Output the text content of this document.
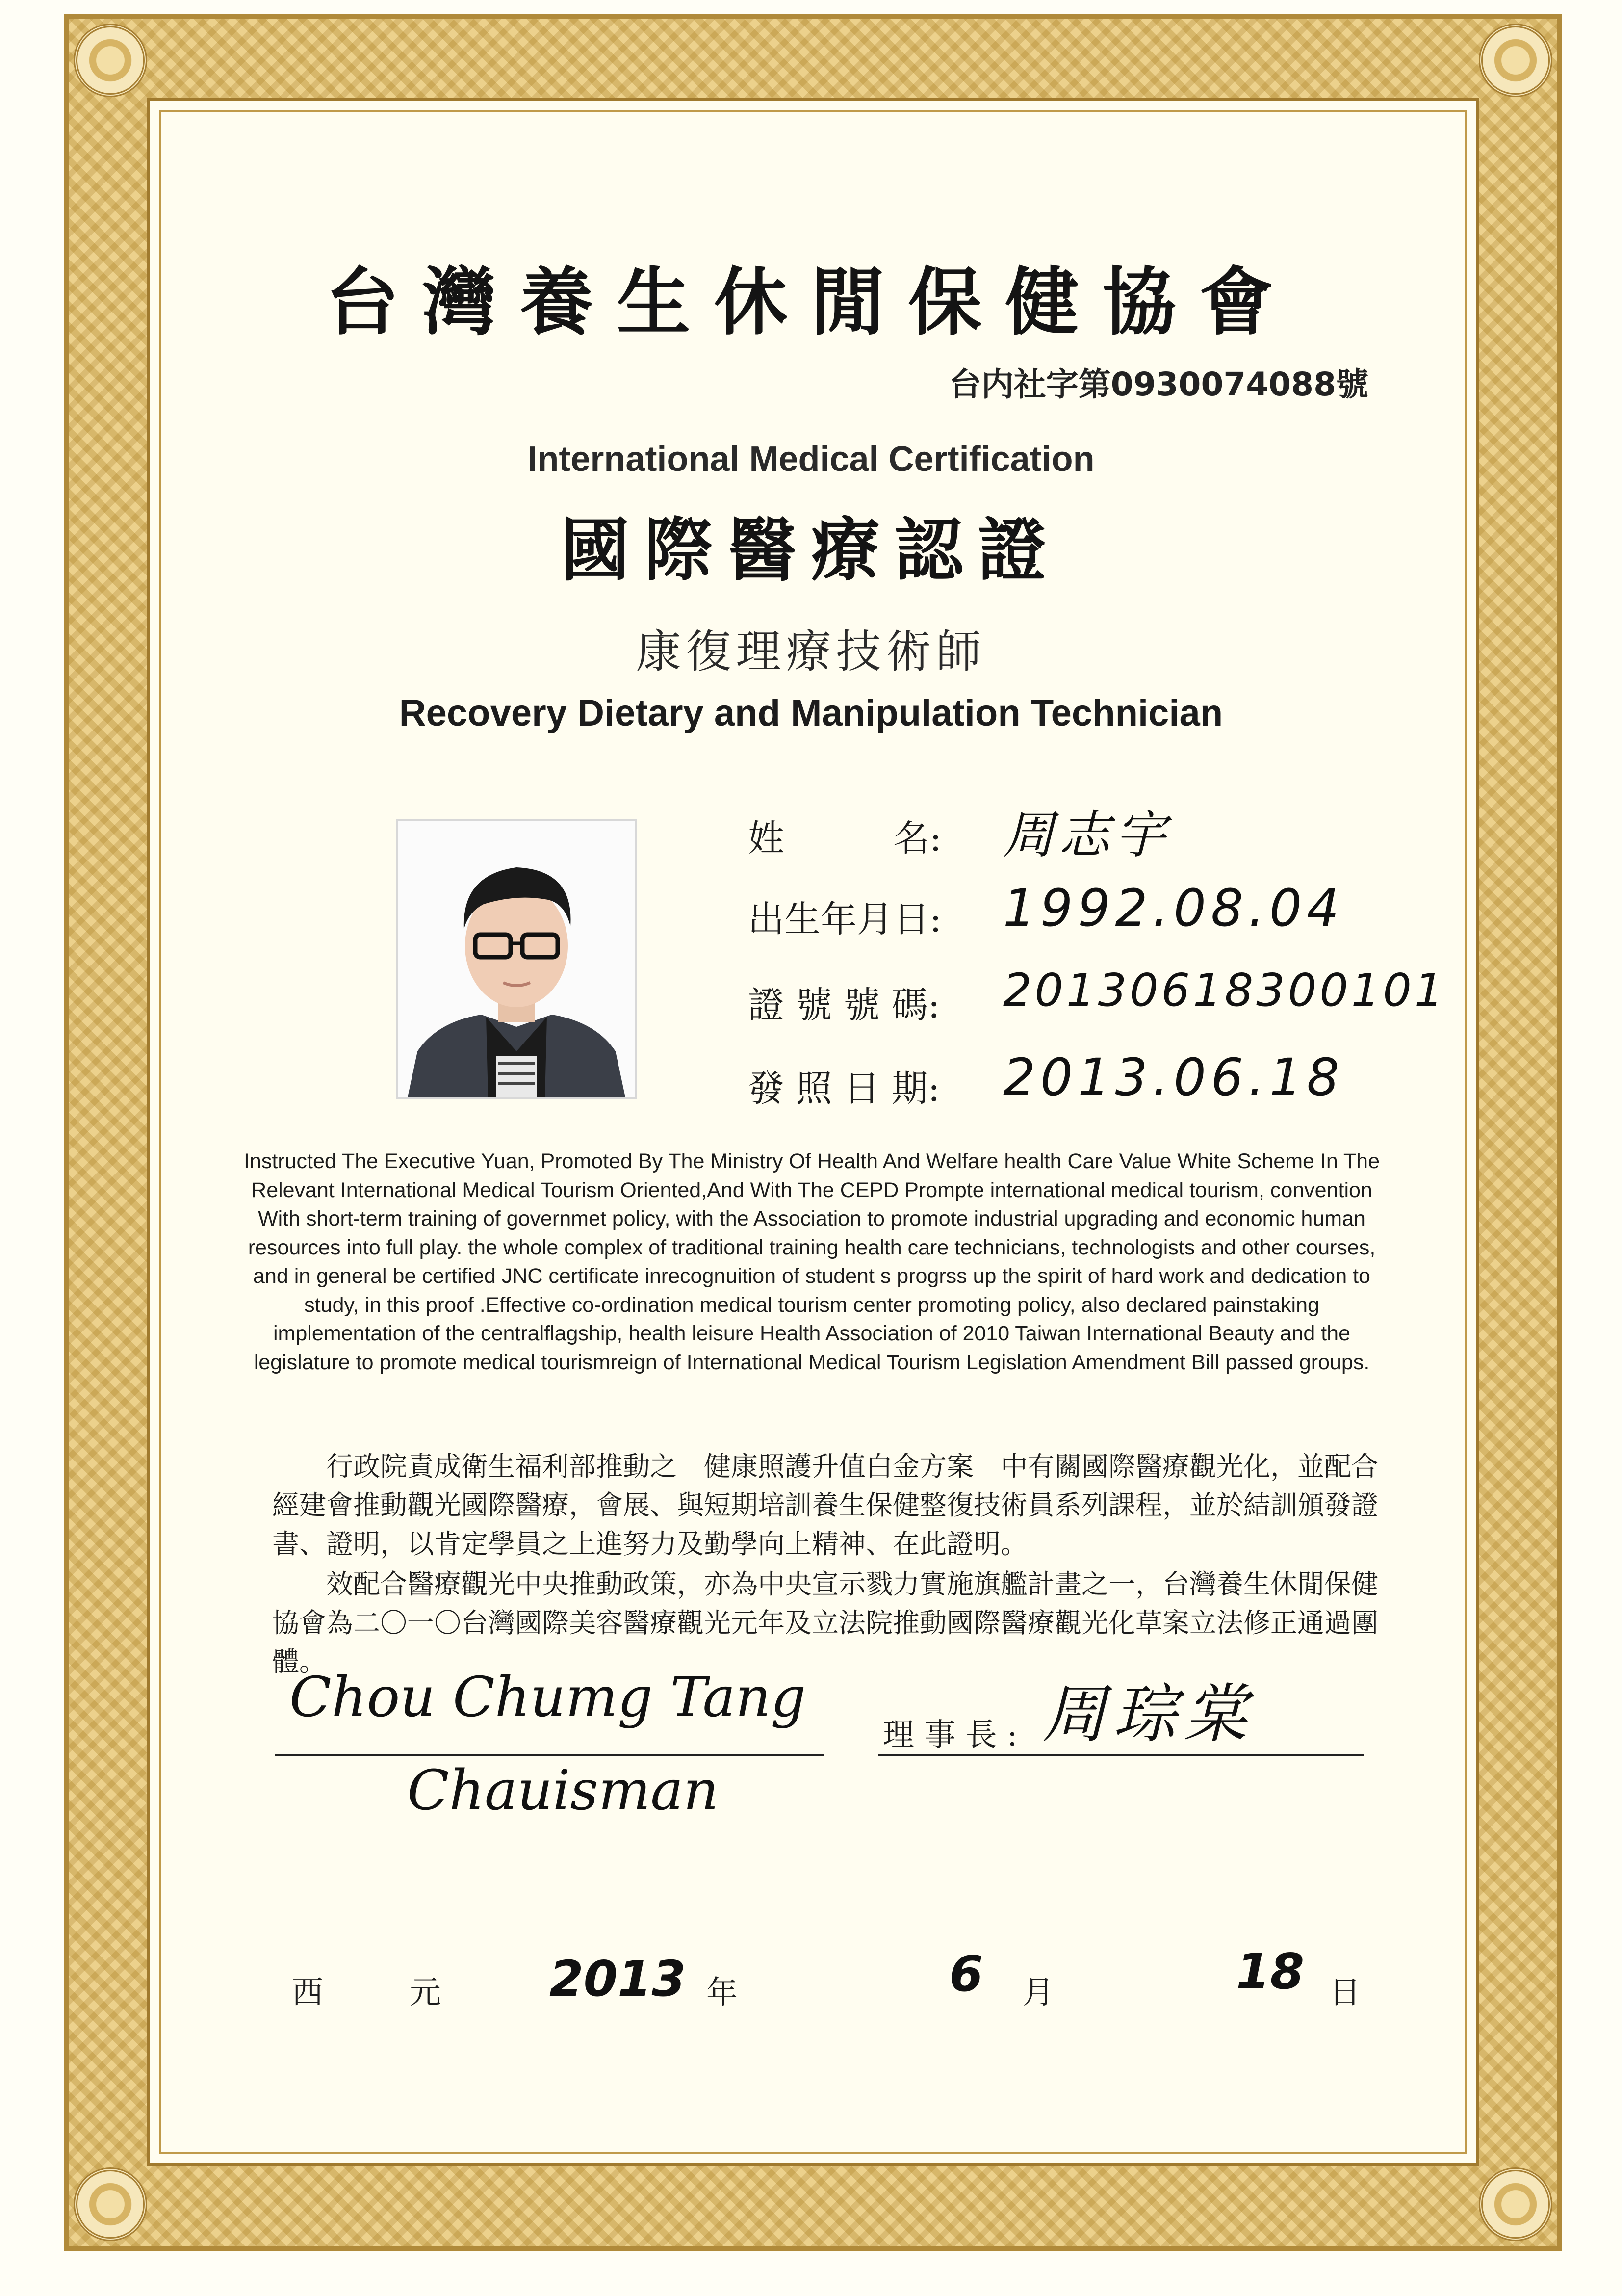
台灣養生休閒保健協會

台内社字第0930074088號

International Medical Certification

國際醫療認證

康復理療技術師

Recovery Dietary and Manipulation Technician

姓　　　名: 周志宇

出生年月日: 1992.08.04

證 號 號 碼: 20130618300101

發 照 日 期: 2013.06.18

Instructed The Executive Yuan, Promoted By The Ministry Of Health And Welfare health Care Value White Scheme In The Relevant International Medical Tourism Oriented,And With The CEPD Prompte international medical tourism, convention With short-term training of governmet policy, with the Association to promote industrial upgrading and economic human resources into full play. the whole complex of traditional training health care technicians, technologists and other courses, and in general be certified JNC certificate inrecognuition of student s progrss up the spirit of hard work and dedication to study, in this proof .Effective co-ordination medical tourism center promoting policy, also declared painstaking implementation of the centralflagship, health leisure Health Association of 2010 Taiwan International Beauty and the legislature to promote medical tourismreign of International Medical Tourism Legislation Amendment Bill passed groups.

行政院責成衛生福利部推動之　健康照護升值白金方案　中有關國際醫療觀光化，並配合經建會推動觀光國際醫療，會展、與短期培訓養生保健整復技術員系列課程，並於結訓頒發證書、證明，以肯定學員之上進努力及勤學向上精神、在此證明。

效配合醫療觀光中央推動政策，亦為中央宣示戮力實施旗艦計畫之一，台灣養生休閒保健協會為二〇一〇台灣國際美容醫療觀光元年及立法院推動國際醫療觀光化草案立法修正通過團體。

Chou Chumg Tang

Chauisman

理 事 長 : 周琮棠

西	元 2013 年	6 月	18 日
